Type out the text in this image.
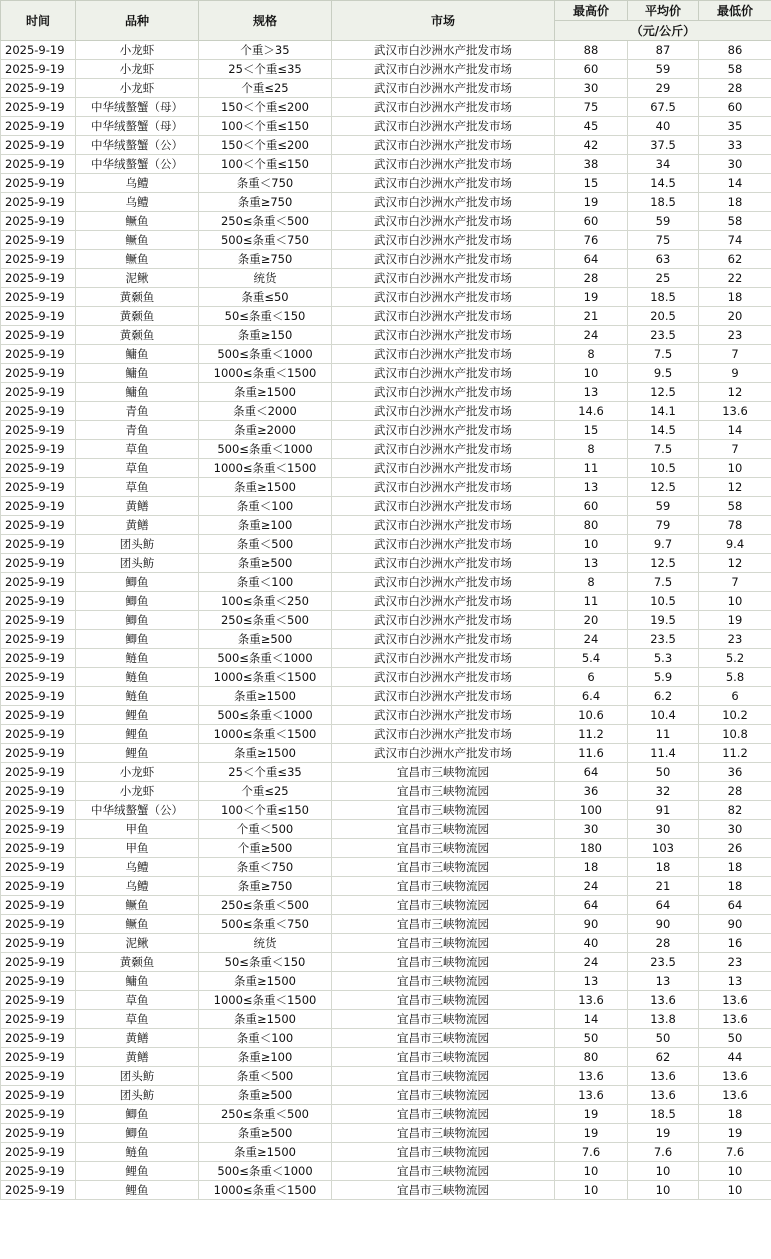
时间	品种	规格	市场	最高价	平均价	最低价
				（元/公斤）		
2025-9-19	小龙虾	个重＞35	武汉市白沙洲水产批发市场	88	87	86
2025-9-19	小龙虾	25＜个重≤35	武汉市白沙洲水产批发市场	60	59	58
2025-9-19	小龙虾	个重≤25	武汉市白沙洲水产批发市场	30	29	28
2025-9-19	中华绒螯蟹（母）	150＜个重≤200	武汉市白沙洲水产批发市场	75	67.5	60
2025-9-19	中华绒螯蟹（母）	100＜个重≤150	武汉市白沙洲水产批发市场	45	40	35
2025-9-19	中华绒螯蟹（公）	150＜个重≤200	武汉市白沙洲水产批发市场	42	37.5	33
2025-9-19	中华绒螯蟹（公）	100＜个重≤150	武汉市白沙洲水产批发市场	38	34	30
2025-9-19	乌鳢	条重＜750	武汉市白沙洲水产批发市场	15	14.5	14
2025-9-19	乌鳢	条重≥750	武汉市白沙洲水产批发市场	19	18.5	18
2025-9-19	鳜鱼	250≤条重＜500	武汉市白沙洲水产批发市场	60	59	58
2025-9-19	鳜鱼	500≤条重＜750	武汉市白沙洲水产批发市场	76	75	74
2025-9-19	鳜鱼	条重≥750	武汉市白沙洲水产批发市场	64	63	62
2025-9-19	泥鳅	统货	武汉市白沙洲水产批发市场	28	25	22
2025-9-19	黄颡鱼	条重≤50	武汉市白沙洲水产批发市场	19	18.5	18
2025-9-19	黄颡鱼	50≤条重＜150	武汉市白沙洲水产批发市场	21	20.5	20
2025-9-19	黄颡鱼	条重≥150	武汉市白沙洲水产批发市场	24	23.5	23
2025-9-19	鳙鱼	500≤条重＜1000	武汉市白沙洲水产批发市场	8	7.5	7
2025-9-19	鳙鱼	1000≤条重＜1500	武汉市白沙洲水产批发市场	10	9.5	9
2025-9-19	鳙鱼	条重≥1500	武汉市白沙洲水产批发市场	13	12.5	12
2025-9-19	青鱼	条重＜2000	武汉市白沙洲水产批发市场	14.6	14.1	13.6
2025-9-19	青鱼	条重≥2000	武汉市白沙洲水产批发市场	15	14.5	14
2025-9-19	草鱼	500≤条重＜1000	武汉市白沙洲水产批发市场	8	7.5	7
2025-9-19	草鱼	1000≤条重＜1500	武汉市白沙洲水产批发市场	11	10.5	10
2025-9-19	草鱼	条重≥1500	武汉市白沙洲水产批发市场	13	12.5	12
2025-9-19	黄鳝	条重＜100	武汉市白沙洲水产批发市场	60	59	58
2025-9-19	黄鳝	条重≥100	武汉市白沙洲水产批发市场	80	79	78
2025-9-19	团头鲂	条重＜500	武汉市白沙洲水产批发市场	10	9.7	9.4
2025-9-19	团头鲂	条重≥500	武汉市白沙洲水产批发市场	13	12.5	12
2025-9-19	鲫鱼	条重＜100	武汉市白沙洲水产批发市场	8	7.5	7
2025-9-19	鲫鱼	100≤条重＜250	武汉市白沙洲水产批发市场	11	10.5	10
2025-9-19	鲫鱼	250≤条重＜500	武汉市白沙洲水产批发市场	20	19.5	19
2025-9-19	鲫鱼	条重≥500	武汉市白沙洲水产批发市场	24	23.5	23
2025-9-19	鲢鱼	500≤条重＜1000	武汉市白沙洲水产批发市场	5.4	5.3	5.2
2025-9-19	鲢鱼	1000≤条重＜1500	武汉市白沙洲水产批发市场	6	5.9	5.8
2025-9-19	鲢鱼	条重≥1500	武汉市白沙洲水产批发市场	6.4	6.2	6
2025-9-19	鲤鱼	500≤条重＜1000	武汉市白沙洲水产批发市场	10.6	10.4	10.2
2025-9-19	鲤鱼	1000≤条重＜1500	武汉市白沙洲水产批发市场	11.2	11	10.8
2025-9-19	鲤鱼	条重≥1500	武汉市白沙洲水产批发市场	11.6	11.4	11.2
2025-9-19	小龙虾	25＜个重≤35	宜昌市三峡物流园	64	50	36
2025-9-19	小龙虾	个重≤25	宜昌市三峡物流园	36	32	28
2025-9-19	中华绒螯蟹（公）	100＜个重≤150	宜昌市三峡物流园	100	91	82
2025-9-19	甲鱼	个重＜500	宜昌市三峡物流园	30	30	30
2025-9-19	甲鱼	个重≥500	宜昌市三峡物流园	180	103	26
2025-9-19	乌鳢	条重＜750	宜昌市三峡物流园	18	18	18
2025-9-19	乌鳢	条重≥750	宜昌市三峡物流园	24	21	18
2025-9-19	鳜鱼	250≤条重＜500	宜昌市三峡物流园	64	64	64
2025-9-19	鳜鱼	500≤条重＜750	宜昌市三峡物流园	90	90	90
2025-9-19	泥鳅	统货	宜昌市三峡物流园	40	28	16
2025-9-19	黄颡鱼	50≤条重＜150	宜昌市三峡物流园	24	23.5	23
2025-9-19	鳙鱼	条重≥1500	宜昌市三峡物流园	13	13	13
2025-9-19	草鱼	1000≤条重＜1500	宜昌市三峡物流园	13.6	13.6	13.6
2025-9-19	草鱼	条重≥1500	宜昌市三峡物流园	14	13.8	13.6
2025-9-19	黄鳝	条重＜100	宜昌市三峡物流园	50	50	50
2025-9-19	黄鳝	条重≥100	宜昌市三峡物流园	80	62	44
2025-9-19	团头鲂	条重＜500	宜昌市三峡物流园	13.6	13.6	13.6
2025-9-19	团头鲂	条重≥500	宜昌市三峡物流园	13.6	13.6	13.6
2025-9-19	鲫鱼	250≤条重＜500	宜昌市三峡物流园	19	18.5	18
2025-9-19	鲫鱼	条重≥500	宜昌市三峡物流园	19	19	19
2025-9-19	鲢鱼	条重≥1500	宜昌市三峡物流园	7.6	7.6	7.6
2025-9-19	鲤鱼	500≤条重＜1000	宜昌市三峡物流园	10	10	10
2025-9-19	鲤鱼	1000≤条重＜1500	宜昌市三峡物流园	10	10	10
